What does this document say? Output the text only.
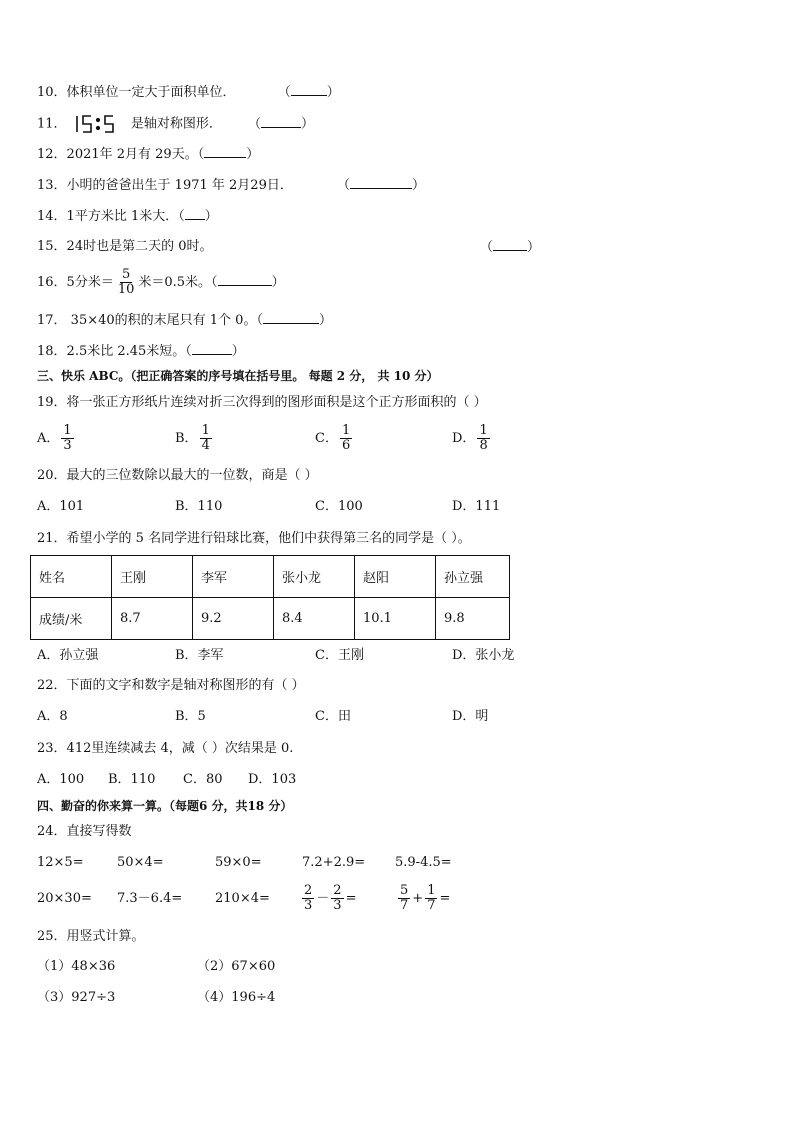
10．体积单位一定大于面积单位．	（	）
11．	是轴对称图形． （	）
12．2021年 2月有 29天。（	）
13．小明的爸爸出生于 1971 年 2月29日．	（	）
14．1平方米比 1米大．（ ）
15．24时也是第二天的 0时。	（	）
16．5分米＝ $\frac{5}{10}$ 米＝0.5米。（	）
17． 35×40的积的末尾只有 1个 0。（	）
18．2.5米比 2.45米短。（	）
三、快乐 ABC。（把正确答案的序号填在括号里。 每题 2 分， 共 10 分）
19．将一张正方形纸片连续对折三次得到的图形面积是这个正方形面积的（ ）
A． $\frac{1}{3}$	B． $\frac{1}{4}$	C． $\frac{1}{6}$	D． $\frac{1}{8}$
20．最大的三位数除以最大的一位数，商是（ ）
A．101	B．110	C．100	D．111
21．希望小学的 5 名同学进行铅球比赛，他们中获得第三名的同学是（ ）。
姓名	王刚	李军	张小龙	赵阳	孙立强
成绩/米	8.7	9.2	8.4	10.1	9.8
A．孙立强	B．李军	C．王刚	D．张小龙
22．下面的文字和数字是轴对称图形的有（ ）
A．8	B．5	C．田	D．明
23．412里连续减去 4，减（ ）次结果是 0.
A．100 B．110 C．80 D．103
四、勤奋的你来算一算。（每题6 分，共18 分）
24．直接写得数
12×5=	50×4=	59×0=	7.2+2.9= 5.9-4.5=
20×30= 7.3－6.4=	$210\times 4= \frac{2}{3} - \frac{2}{3}$ =	$\frac{5}{7} + \frac{1}{7}$ =
25．用竖式计算。
（1）48×36	（2）67×60
（3）927÷3	（4）196÷4
